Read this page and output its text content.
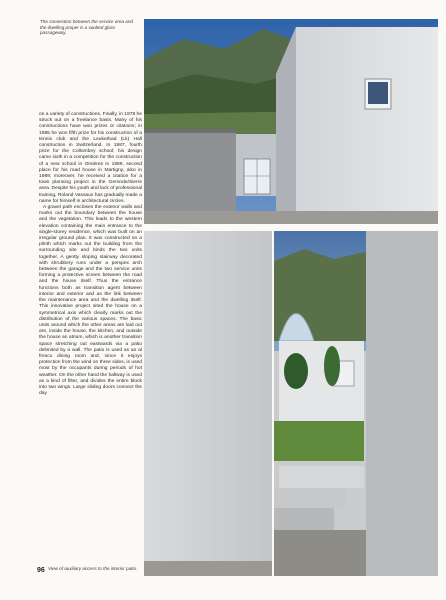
The connection between the service area and the dwelling proper is a vaulted glass passageway.

on a variety of constructions. Finally, in 1978 he struck out on a freelance basis. Many of his constructions have won prizes or citations; in 1985 he won fifth prize for his construction of a tennis club and the Leukerbad (Lk) Hall construction in Switzerland. In 1987, fourth prize for the Collombey school; his design came sixth in a competition for the construction of a new school in Orsières in 1989, second place for his road house in Martigny, also in 1989; moreover, he received a citation for a town planning project in the Geronde/Sierre area. Despite his youth and lack of professional training, Roland Vassaux has gradually made a name for himself in architectural circles.

A gravel path encloses the exterior walls and marks out the boundary between the house and the vegetation. This leads to the western elevation containing the main entrance to the single-storey residence, which was built on an irregular ground plan. It was constructed on a plinth which marks out the building from the surrounding site and binds the two units together. A gently sloping stairway decorated with shrubbery runs under a perspex arch between the garage and the two service units forming a protective screen between the road and the house itself. Thus the entrance functions both as transition agent between interior and exterior and as the link between the maintenance area and the dwelling itself. This innovative project sited the house on a symmetrical axis which clearly marks out the distribution of the various spaces. The basic units around which the other areas are laid out are, inside the house, the kitchen, and outside the house an atrium, which is another transition space stretching out eastwards via a patio delimited by a wall. The patio is used as an al fresco dining room and, since it enjoys protection from the wind on three sides, is used most by the occupants during periods of hot weather. On the other hand the hallway is used as a kind of filter, and divides the entire block into two wings. Large sliding doors connect the day

96 View of auxiliary access to the interior patio.
